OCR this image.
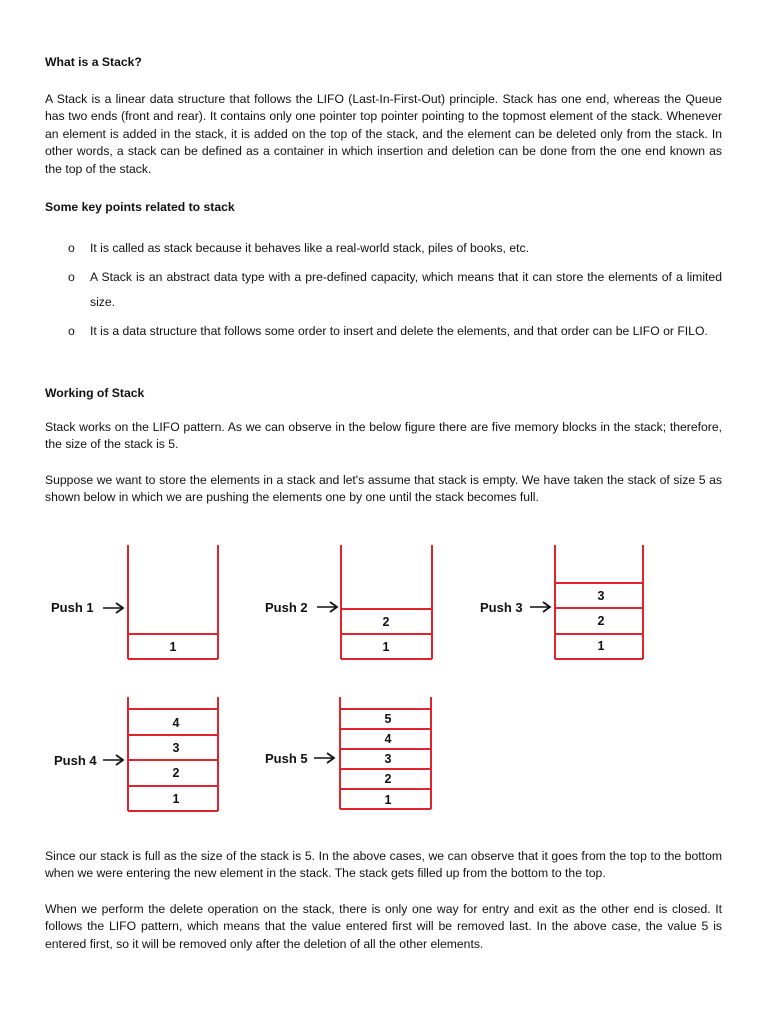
What is a Stack?

A Stack is a linear data structure that follows the LIFO (Last-In-First-Out) principle. Stack has one end, whereas the Queue has two ends (front and rear). It contains only one pointer top pointer pointing to the topmost element of the stack. Whenever an element is added in the stack, it is added on the top of the stack, and the element can be deleted only from the stack. In other words, a stack can be defined as a container in which insertion and deletion can be done from the one end known as the top of the stack.

Some key points related to stack
o It is called as stack because it behaves like a real-world stack, piles of books, etc.
o A Stack is an abstract data type with a pre-defined capacity, which means that it can store the elements of a limited size.
o It is a data structure that follows some order to insert and delete the elements, and that order can be LIFO or FILO.
Working of Stack

Stack works on the LIFO pattern. As we can observe in the below figure there are five memory blocks in the stack; therefore, the size of the stack is 5.

Suppose we want to store the elements in a stack and let's assume that stack is empty. We have taken the stack of size 5 as shown below in which we are pushing the elements one by one until the stack becomes full.

Since our stack is full as the size of the stack is 5. In the above cases, we can observe that it goes from the top to the bottom when we were entering the new element in the stack. The stack gets filled up from the bottom to the top.

When we perform the delete operation on the stack, there is only one way for entry and exit as the other end is closed. It follows the LIFO pattern, which means that the value entered first will be removed last. In the above case, the value 5 is entered first, so it will be removed only after the deletion of all the other elements.

Push 1
1
Push 2
2
1
Push 3
3
2
1
Push 4
4
3
2
1
Push 5
5
4
3
2
1
